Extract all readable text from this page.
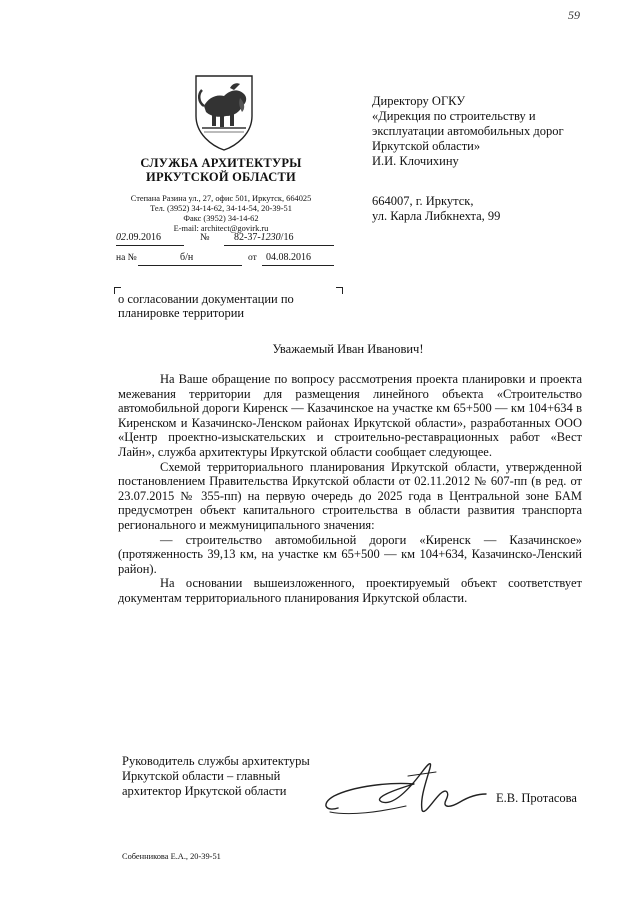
59
СЛУЖБА АРХИТЕКТУРЫ
ИРКУТСКОЙ ОБЛАСТИ
Степана Разина ул., 27, офис 501, Иркутск, 664025
Тел. (3952) 34-14-62, 34-14-54, 20-39-51
Факс (3952) 34-14-62
E-mail: architect@govirk.ru
02.09.2016	№ 82-37-1230/16
на №	б/н	от 04.08.2016
Директору ОГКУ
«Дирекция по строительству и
эксплуатации автомобильных дорог
Иркутской области»
И.И. Клочихину
664007, г. Иркутск,
ул. Карла Либкнехта, 99
о согласовании документации по
планировке территории
Уважаемый Иван Иванович!

На Ваше обращение по вопросу рассмотрения проекта планировки и проекта межевания территории для размещения линейного объекта «Строительство автомобильной дороги Киренск — Казачинское на участке км 65+500 — км 104+634 в Киренском и Казачинско-Ленском районах Иркутской области», разработанных ООО «Центр проектно-изыскательских и строительно-реставрационных работ «Вест Лайн», служба архитектуры Иркутской области сообщает следующее.

Схемой территориального планирования Иркутской области, утвержденной постановлением Правительства Иркутской области от 02.11.2012 № 607-пп (в ред. от 23.07.2015 № 355-пп) на первую очередь до 2025 года в Центральной зоне БАМ предусмотрен объект капитального строительства в области развития транспорта регионального и межмуниципального значения:

— строительство автомобильной дороги «Киренск — Казачинское» (протяженность 39,13 км, на участке км 65+500 — км 104+634, Казачинско-Ленский район).

На основании вышеизложенного, проектируемый объект соответствует документам территориального планирования Иркутской области.

Руководитель службы архитектуры
Иркутской области – главный
архитектор Иркутской области	Е.В. Протасова
Собенникова Е.А., 20-39-51
